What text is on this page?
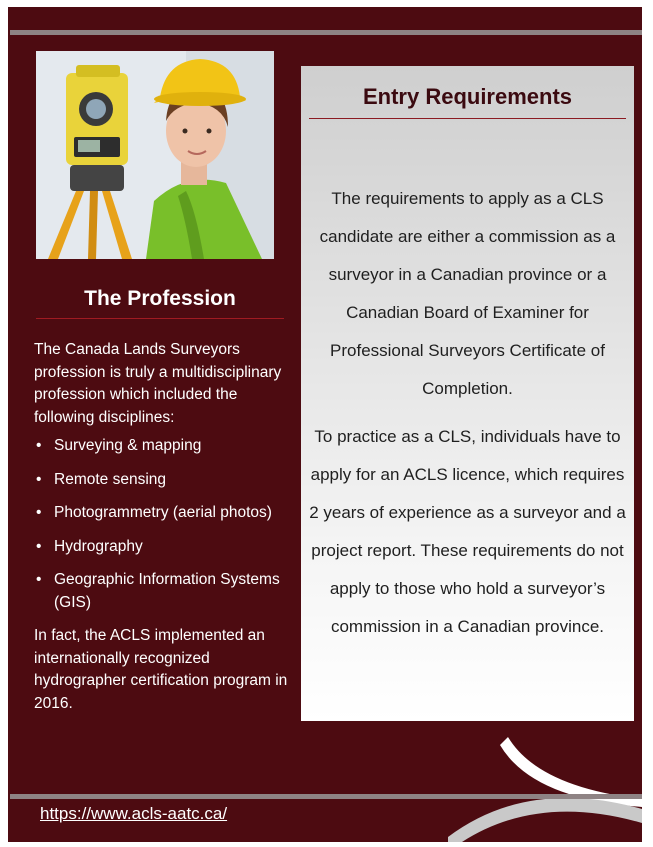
The Profession

The Canada Lands Surveyors profession is truly a multidisciplinary profession which included the following disciplines:

• Surveying & mapping
• Remote sensing
• Photogrammetry (aerial photos)
• Hydrography
• Geographic Information Systems (GIS)

In fact, the ACLS implemented an internationally recognized hydrographer certification program in 2016.

Entry Requirements

The requirements to apply as a CLS candidate are either a commission as a surveyor in a Canadian province or a Canadian Board of Examiner for Professional Surveyors Certificate of Completion.

To practice as a CLS, individuals have to apply for an ACLS licence, which requires 2 years of experience as a surveyor and a project report. These requirements do not apply to those who hold a surveyor’s commission in a Canadian province.

https://www.acls-aatc.ca/
